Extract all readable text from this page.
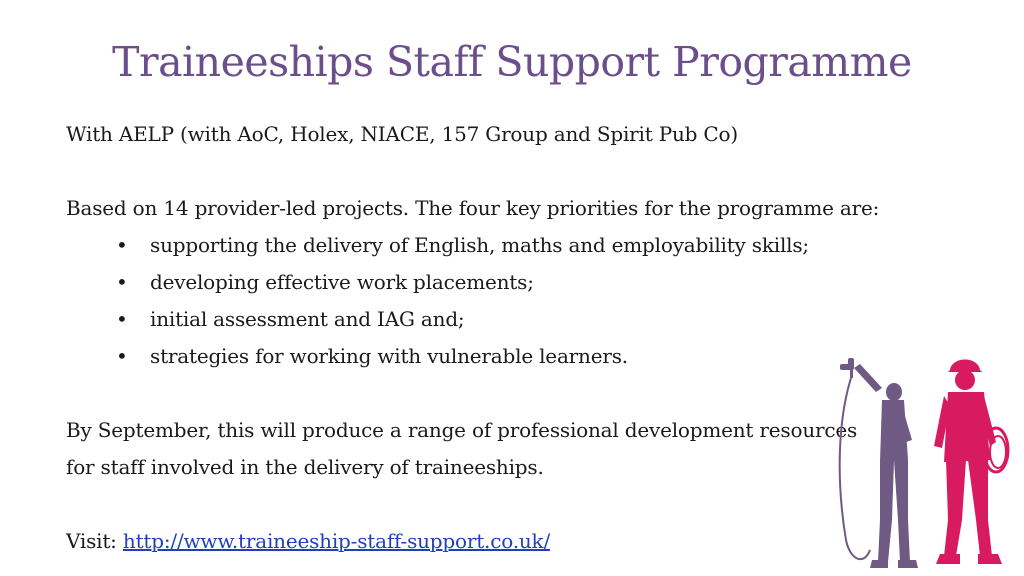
Traineeships Staff Support Programme

With AELP (with AoC, Holex, NIACE, 157 Group and Spirit Pub Co)

Based on 14 provider-led projects. The four key priorities for the programme are:

• supporting the delivery of English, maths and employability skills;
• developing effective work placements;
• initial assessment and IAG and;
• strategies for working with vulnerable learners.

By September, this will produce a range of professional development resources

for staff involved in the delivery of traineeships.

Visit: http://www.traineeship-staff-support.co.uk/
